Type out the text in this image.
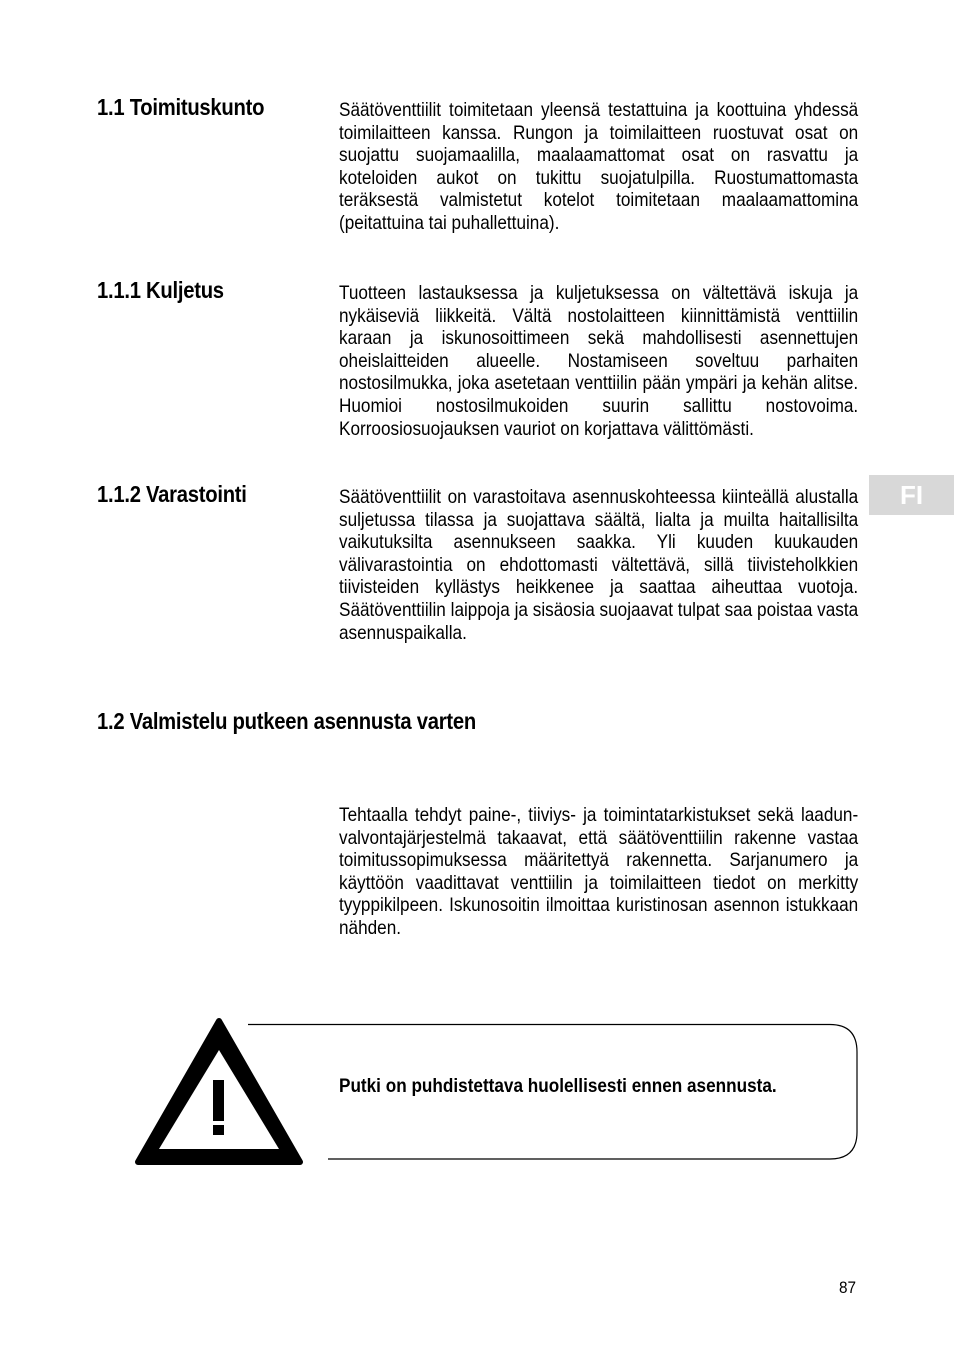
FI
1.1 Toimituskunto	Säätöventtiilit toimitetaan yleensä testattuina ja koottuina yhdessä toimilaitteen kanssa. Rungon ja toimilaitteen ruostuvat osat on suojattu suojamaalilla, maalaamattomat osat on rasvattu ja koteloiden aukot on tukittu suojatulpilla. Ruostumattomasta teräksestä valmistetut kotelot toimitetaan maalaamattomina (peitattuina tai puhallettuina).

1.1.1 Kuljetus	Tuotteen lastauksessa ja kuljetuksessa on vältettävä iskuja ja nykäiseviä liikkeitä. Vältä nostolaitteen kiinnittämistä venttiilin karaan ja iskunosoittimeen sekä mahdollisesti asennettujen oheislaitteiden alueelle. Nostamiseen soveltuu parhaiten nostosilmukka, joka asetetaan venttiilin pään ympäri ja kehän alitse. Huomioi nostosilmukoiden suurin sallittu nostovoima. Korroosiosuojauksen vauriot on korjattava välittömästi.

1.1.2 Varastointi	Säätöventtiilit on varastoitava asennuskohteessa kiinteällä alustalla suljetussa tilassa ja suojattava säältä, lialta ja muilta haitallisilta vaikutuksilta asennukseen saakka. Yli kuuden kuukauden välivarastointia on ehdottomasti vältettävä, sillä tiivisteholkkien tiivisteiden kyllästys heikkenee ja saattaa aiheuttaa vuotoja. Säätöventtiilin laippoja ja sisäosia suojaavat tulpat saa poistaa vasta asennuspaikalla.

1.2 Valmistelu putkeen asennusta varten

Tehtaalla tehdyt paine-, tiiviys- ja toimintatarkistukset sekä laadunvalvontajärjestelmä takaavat, että säätöventtiilin rakenne vastaa toimitussopimuksessa määritettyä rakennetta. Sarjanumero ja käyttöön vaadittavat venttiilin ja toimilaitteen tiedot on merkitty tyyppikilpeen. Iskunosoitin ilmoittaa kuristinosan asennon istukkaan nähden.

Putki on puhdistettava huolellisesti ennen asennusta.

87
